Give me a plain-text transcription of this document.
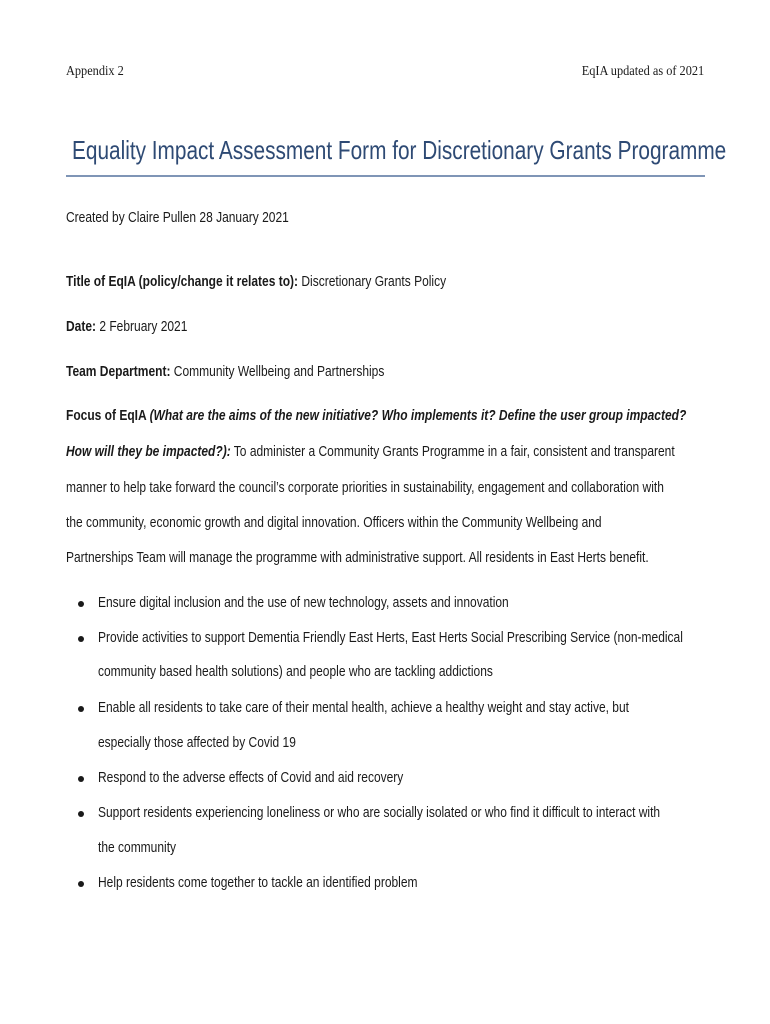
Appendix 2	EqIA updated as of 2021
Equality Impact Assessment Form for Discretionary Grants Programme
Created by Claire Pullen 28 January 2021
Title of EqIA (policy/change it relates to): Discretionary Grants Policy
Date: 2 February 2021
Team Department: Community Wellbeing and Partnerships
Focus of EqIA (What are the aims of the new initiative? Who implements it? Define the user group impacted?
How will they be impacted?): To administer a Community Grants Programme in a fair, consistent and transparent
manner to help take forward the council’s corporate priorities in sustainability, engagement and collaboration with
the community, economic growth and digital innovation. Officers within the Community Wellbeing and
Partnerships Team will manage the programme with administrative support. All residents in East Herts benefit.
Ensure digital inclusion and the use of new technology, assets and innovation
Provide activities to support Dementia Friendly East Herts, East Herts Social Prescribing Service (non-medical
community based health solutions) and people who are tackling addictions
Enable all residents to take care of their mental health, achieve a healthy weight and stay active, but
especially those affected by Covid 19
Respond to the adverse effects of Covid and aid recovery
Support residents experiencing loneliness or who are socially isolated or who find it difficult to interact with
the community
Help residents come together to tackle an identified problem
